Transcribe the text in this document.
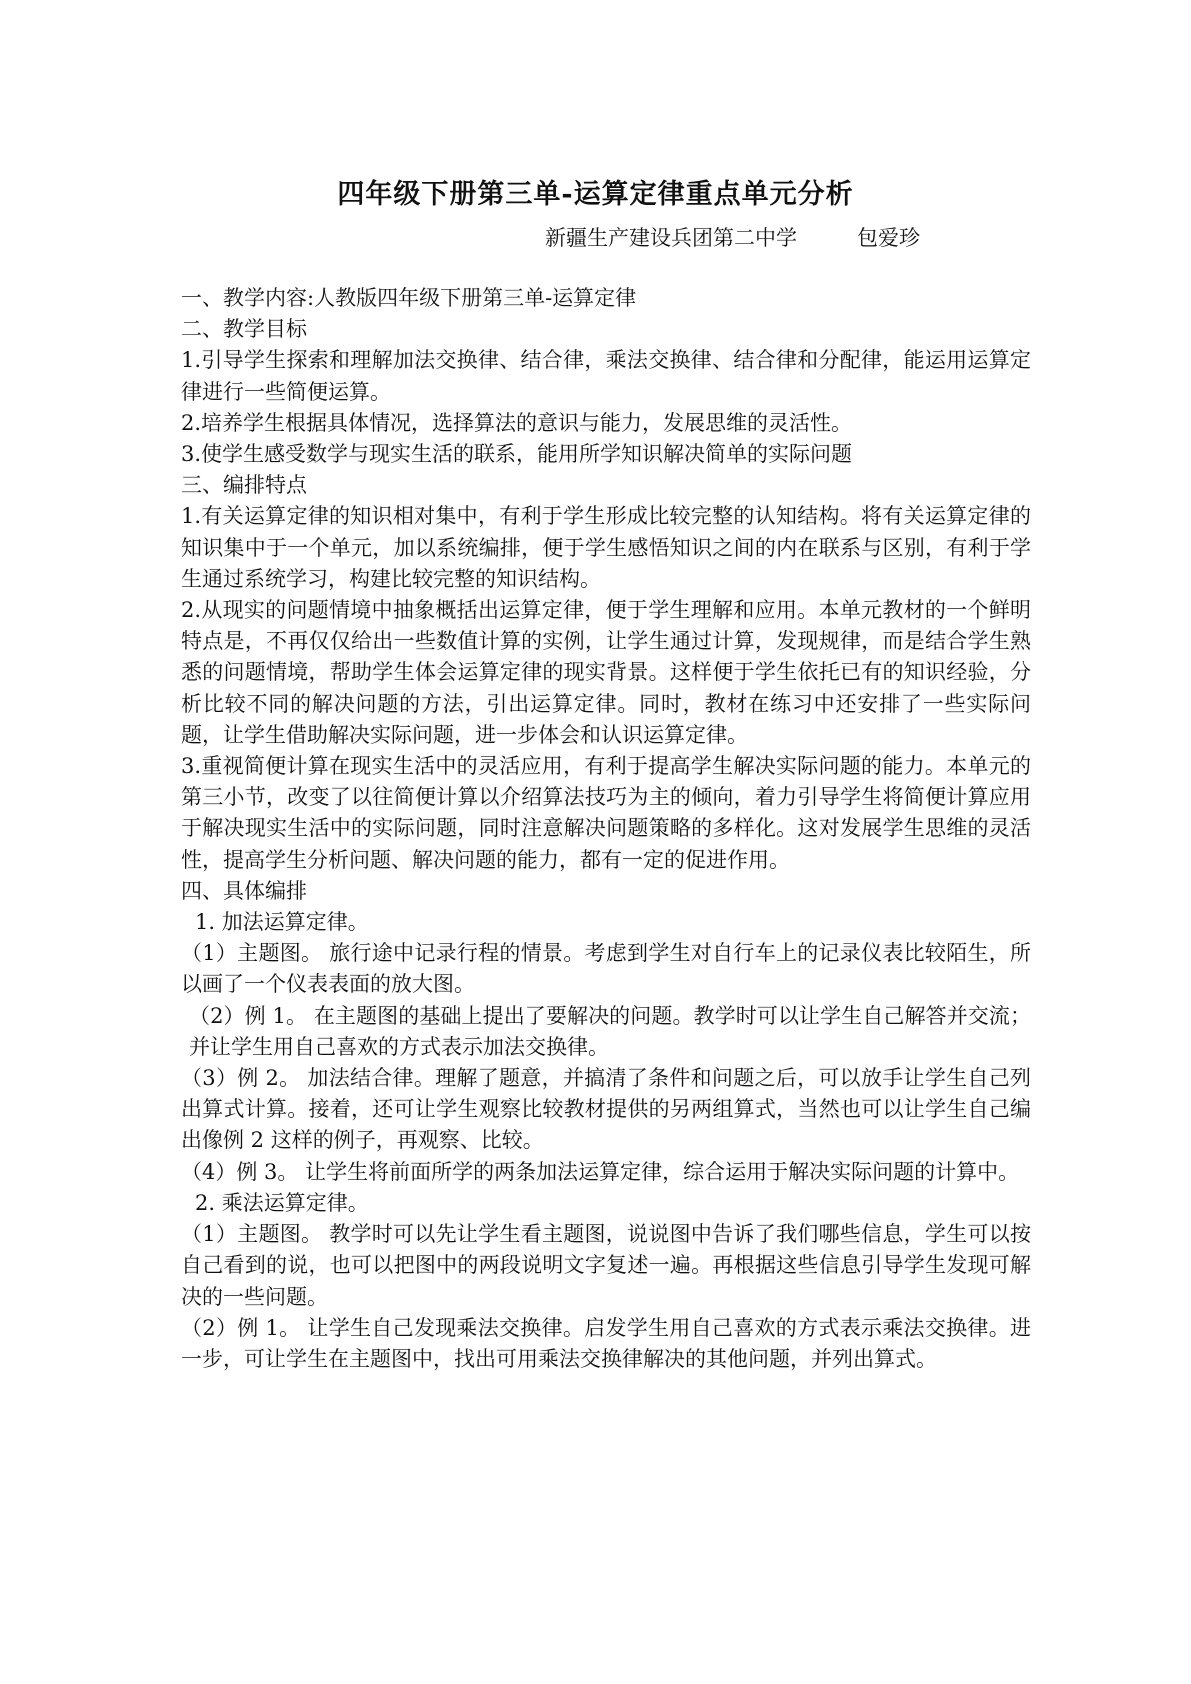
四年级下册第三单-运算定律重点单元分析
新疆生产建设兵团第二中学	包爱珍

一、教学内容:人教版四年级下册第三单-运算定律

二、教学目标

1.引导学生探索和理解加法交换律、结合律，乘法交换律、结合律和分配律，能运用运算定律进行一些简便运算。

2.培养学生根据具体情况，选择算法的意识与能力，发展思维的灵活性。

3.使学生感受数学与现实生活的联系，能用所学知识解决简单的实际问题

三、编排特点

1.有关运算定律的知识相对集中，有利于学生形成比较完整的认知结构。将有关运算定律的知识集中于一个单元，加以系统编排，便于学生感悟知识之间的内在联系与区别，有利于学生通过系统学习，构建比较完整的知识结构。

2.从现实的问题情境中抽象概括出运算定律，便于学生理解和应用。本单元教材的一个鲜明特点是，不再仅仅给出一些数值计算的实例，让学生通过计算，发现规律，而是结合学生熟悉的问题情境，帮助学生体会运算定律的现实背景。这样便于学生依托已有的知识经验，分析比较不同的解决问题的方法，引出运算定律。同时，教材在练习中还安排了一些实际问题，让学生借助解决实际问题，进一步体会和认识运算定律。

3.重视简便计算在现实生活中的灵活应用，有利于提高学生解决实际问题的能力。本单元的第三小节，改变了以往简便计算以介绍算法技巧为主的倾向，着力引导学生将简便计算应用于解决现实生活中的实际问题，同时注意解决问题策略的多样化。这对发展学生思维的灵活性，提高学生分析问题、解决问题的能力，都有一定的促进作用。

四、具体编排

1. 加法运算定律。

（1）主题图。 旅行途中记录行程的情景。考虑到学生对自行车上的记录仪表比较陌生，所以画了一个仪表表面的放大图。

（2）例 1。 在主题图的基础上提出了要解决的问题。教学时可以让学生自己解答并交流；并让学生用自己喜欢的方式表示加法交换律。

（3）例 2。 加法结合律。理解了题意，并搞清了条件和问题之后，可以放手让学生自己列出算式计算。接着，还可让学生观察比较教材提供的另两组算式，当然也可以让学生自己编出像例 2 这样的例子，再观察、比较。

（4）例 3。 让学生将前面所学的两条加法运算定律，综合运用于解决实际问题的计算中。

2. 乘法运算定律。

（1）主题图。 教学时可以先让学生看主题图，说说图中告诉了我们哪些信息，学生可以按自己看到的说，也可以把图中的两段说明文字复述一遍。再根据这些信息引导学生发现可解决的一些问题。

（2）例 1。 让学生自己发现乘法交换律。启发学生用自己喜欢的方式表示乘法交换律。进一步，可让学生在主题图中，找出可用乘法交换律解决的其他问题，并列出算式。
